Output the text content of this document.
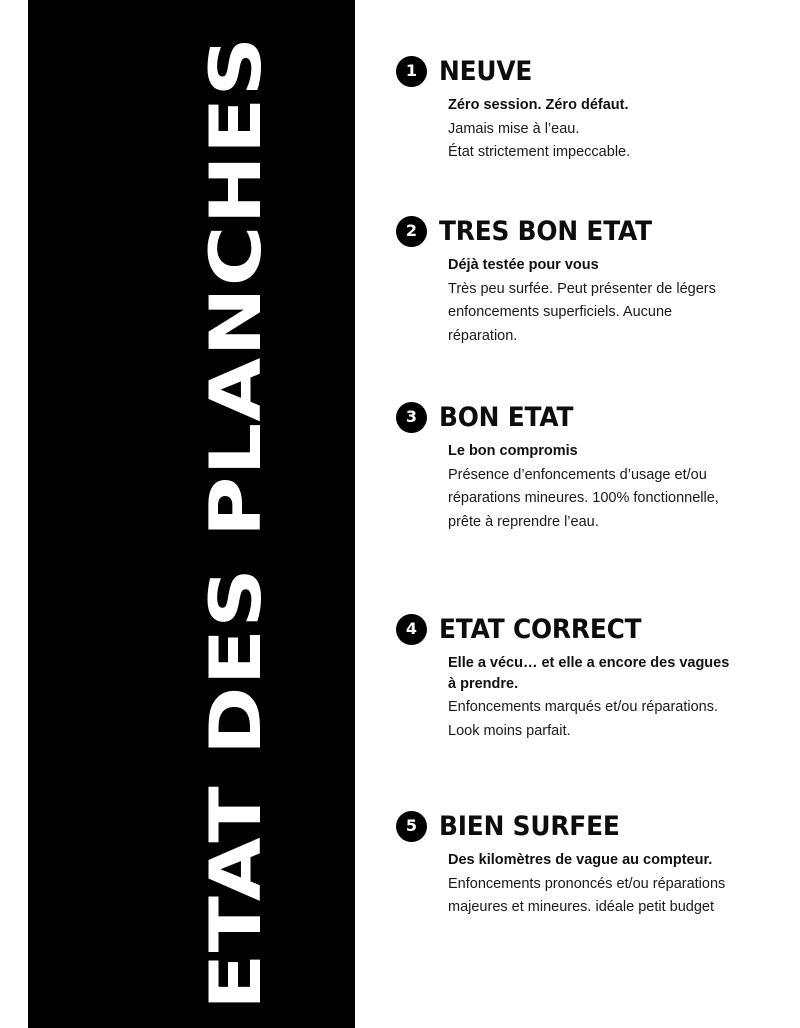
ETAT DES PLANCHES	1 NEUVE

Zéro session. Zéro défaut.

Jamais mise à l’eau.
État strictement impeccable.

2 TRES BON ETAT

Déjà testée pour vous

Très peu surfée. Peut présenter de légers enfoncements superficiels. Aucune réparation.

3 BON ETAT

Le bon compromis

Présence d’enfoncements d’usage et/ou réparations mineures. 100% fonctionnelle, prête à reprendre l’eau.

4 ETAT CORRECT

Elle a vécu… et elle a encore des vagues à prendre.

Enfoncements marqués et/ou réparations. Look moins parfait.

5 BIEN SURFEE

Des kilomètres de vague au compteur.

Enfoncements prononcés et/ou réparations majeures et mineures. idéale petit budget
